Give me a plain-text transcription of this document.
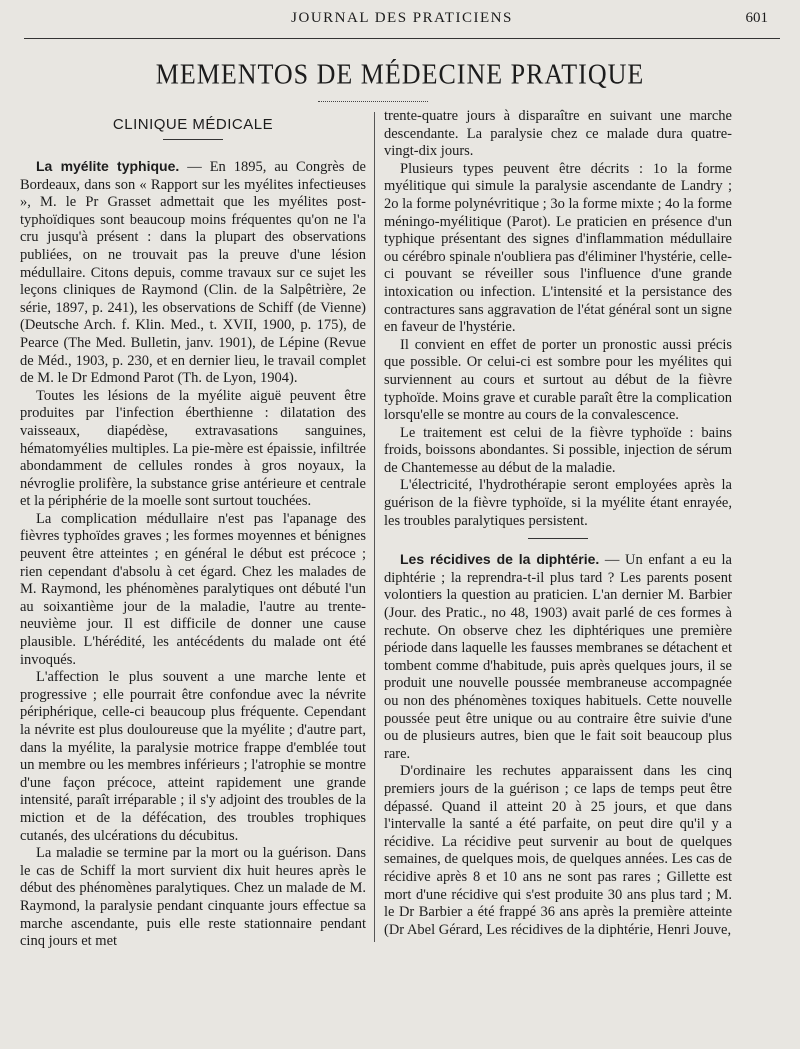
JOURNAL DES PRATICIENS	601
MEMENTOS DE MÉDECINE PRATIQUE
CLINIQUE MÉDICALE

La myélite typhique. — En 1895, au Congrès de Bordeaux, dans son « Rapport sur les myélites infectieuses », M. le Pr Grasset admettait que les myélites post-typhoïdiques sont beaucoup moins fréquentes qu'on ne l'a cru jusqu'à présent : dans la plupart des observations publiées, on ne trouvait pas la preuve d'une lésion médullaire. Citons depuis, comme travaux sur ce sujet les leçons cliniques de Raymond (Clin. de la Salpêtrière, 2e série, 1897, p. 241), les observations de Schiff (de Vienne) (Deutsche Arch. f. Klin. Med., t. XVII, 1900, p. 175), de Pearce (The Med. Bulletin, janv. 1901), de Lépine (Revue de Méd., 1903, p. 230, et en dernier lieu, le travail complet de M. le Dr Edmond Parot (Th. de Lyon, 1904).

Toutes les lésions de la myélite aiguë peuvent être produites par l'infection éberthienne : dilatation des vaisseaux, diapédèse, extravasations sanguines, hématomyélies multiples. La pie-mère est épaissie, infiltrée abondamment de cellules rondes à gros noyaux, la névroglie prolifère, la substance grise antérieure et centrale et la périphérie de la moelle sont surtout touchées.

La complication médullaire n'est pas l'apanage des fièvres typhoïdes graves ; les formes moyennes et bénignes peuvent être atteintes ; en général le début est précoce ; rien cependant d'absolu à cet égard. Chez les malades de M. Raymond, les phénomènes paralytiques ont débuté l'un au soixantième jour de la maladie, l'autre au trente-neuvième jour. Il est difficile de donner une cause plausible. L'hérédité, les antécédents du malade ont été invoqués.

L'affection le plus souvent a une marche lente et progressive ; elle pourrait être confondue avec la névrite périphérique, celle-ci beaucoup plus fréquente. Cependant la névrite est plus douloureuse que la myélite ; d'autre part, dans la myélite, la paralysie motrice frappe d'emblée tout un membre ou les membres inférieurs ; l'atrophie se montre d'une façon précoce, atteint rapidement une grande intensité, paraît irréparable ; il s'y adjoint des troubles de la miction et de la défécation, des troubles trophiques cutanés, des ulcérations du décubitus.

La maladie se termine par la mort ou la guérison. Dans le cas de Schiff la mort survient dix huit heures après le début des phénomènes paralytiques. Chez un malade de M. Raymond, la paralysie pendant cinquante jours effectue sa marche ascendante, puis elle reste stationnaire pendant cinq jours et met

trente-quatre jours à disparaître en suivant une marche descendante. La paralysie chez ce malade dura quatre-vingt-dix jours.

Plusieurs types peuvent être décrits : 1o la forme myélitique qui simule la paralysie ascendante de Landry ; 2o la forme polynévritique ; 3o la forme mixte ; 4o la forme méningo-myélitique (Parot). Le praticien en présence d'un typhique présentant des signes d'inflammation médullaire ou cérébro spinale n'oubliera pas d'éliminer l'hystérie, celle-ci pouvant se réveiller sous l'influence d'une grande intoxication ou infection. L'intensité et la persistance des contractures sans aggravation de l'état général sont un signe en faveur de l'hystérie.

Il convient en effet de porter un pronostic aussi précis que possible. Or celui-ci est sombre pour les myélites qui surviennent au cours et surtout au début de la fièvre typhoïde. Moins grave et curable paraît être la complication lorsqu'elle se montre au cours de la convalescence.

Le traitement est celui de la fièvre typhoïde : bains froids, boissons abondantes. Si possible, injection de sérum de Chantemesse au début de la maladie.

L'électricité, l'hydrothérapie seront employées après la guérison de la fièvre typhoïde, si la myélite étant enrayée, les troubles paralytiques persistent.

Les récidives de la diphtérie. — Un enfant a eu la diphtérie ; la reprendra-t-il plus tard ? Les parents posent volontiers la question au praticien. L'an dernier M. Barbier (Jour. des Pratic., no 48, 1903) avait parlé de ces formes à rechute. On observe chez les diphtériques une première période dans laquelle les fausses membranes se détachent et tombent comme d'habitude, puis après quelques jours, il se produit une nouvelle poussée membraneuse accompagnée ou non des phénomènes toxiques habituels. Cette nouvelle poussée peut être unique ou au contraire être suivie d'une ou de plusieurs autres, bien que le fait soit beaucoup plus rare.

D'ordinaire les rechutes apparaissent dans les cinq premiers jours de la guérison ; ce laps de temps peut être dépassé. Quand il atteint 20 à 25 jours, et que dans l'intervalle la santé a été parfaite, on peut dire qu'il y a récidive. La récidive peut survenir au bout de quelques semaines, de quelques mois, de quelques années. Les cas de récidive après 8 et 10 ans ne sont pas rares ; Gillette est mort d'une récidive qui s'est produite 30 ans plus tard ; M. le Dr Barbier a été frappé 36 ans après la première atteinte (Dr Abel Gérard, Les récidives de la diphtérie, Henri Jouve,
